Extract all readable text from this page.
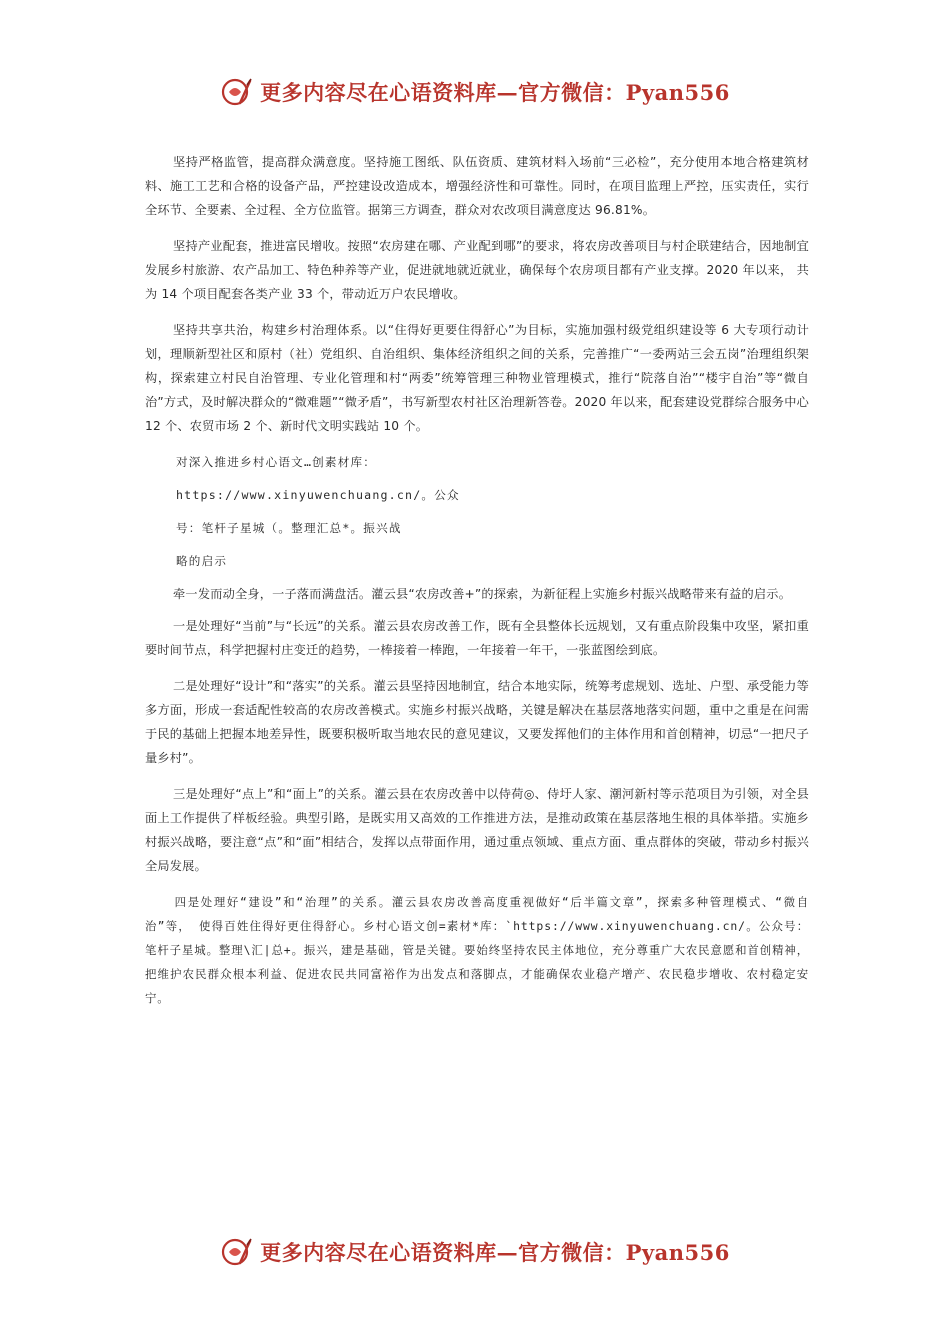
更多内容尽在心语资料库—官方微信：Pyan556

坚持严格监管，提高群众满意度。坚持施工图纸、队伍资质、建筑材料入场前“三必检”，充分使用本地合格建筑材料、施工工艺和合格的设备产品，严控建设改造成本，增强经济性和可靠性。同时，在项目监理上严控，压实责任，实行全环节、全要素、全过程、全方位监管。据第三方调查，群众对农改项目满意度达 96.81%。

坚持产业配套，推进富民增收。按照“农房建在哪、产业配到哪”的要求，将农房改善项目与村企联建结合，因地制宜发展乡村旅游、农产品加工、特色种养等产业，促进就地就近就业，确保每个农房项目都有产业支撑。2020 年以来， 共为 14 个项目配套各类产业 33 个，带动近万户农民增收。

坚持共享共治，构建乡村治理体系。以“住得好更要住得舒心”为目标，实施加强村级党组织建设等 6 大专项行动计划，理顺新型社区和原村（社）党组织、自治组织、集体经济组织之间的关系，完善推广“一委两站三会五岗”治理组织架构，探索建立村民自治管理、专业化管理和村“两委”统筹管理三种物业管理模式，推行“院落自治”“楼宇自治”等“微自治”方式，及时解决群众的“微难题”“微矛盾”，书写新型农村社区治理新答卷。2020 年以来，配套建设党群综合服务中心 12 个、农贸市场 2 个、新时代文明实践站 10 个。

对深入推进乡村心语文…创素材库：

https://www.xinyuwenchuang.cn/。公众

号：笔杆子星城（。整理汇总*。振兴战

略的启示

牵一发而动全身，一子落而满盘活。灌云县“农房改善+”的探索，为新征程上实施乡村振兴战略带来有益的启示。

一是处理好“当前”与“长远”的关系。灌云县农房改善工作，既有全县整体长远规划，又有重点阶段集中攻坚，紧扣重要时间节点，科学把握村庄变迁的趋势，一棒接着一棒跑，一年接着一年干，一张蓝图绘到底。

二是处理好“设计”和“落实”的关系。灌云县坚持因地制宜，结合本地实际，统筹考虑规划、选址、户型、承受能力等多方面，形成一套适配性较高的农房改善模式。实施乡村振兴战略，关键是解决在基层落地落实问题，重中之重是在问需于民的基础上把握本地差异性，既要积极听取当地农民的意见建议，又要发挥他们的主体作用和首创精神，切忌“一把尺子量乡村”。

三是处理好“点上”和“面上”的关系。灌云县在农房改善中以侍荷◎、侍圩人家、潮河新村等示范项目为引领，对全县面上工作提供了样板经验。典型引路，是既实用又高效的工作推进方法，是推动政策在基层落地生根的具体举措。实施乡村振兴战略，要注意“点”和“面”相结合，发挥以点带面作用，通过重点领域、重点方面、重点群体的突破，带动乡村振兴全局发展。

四是处理好“建设”和“治理”的关系。灌云县农房改善高度重视做好“后半篇文章”，探索多种管理模式、“微自治”等， 使得百姓住得好更住得舒心。乡村心语文创=素材*库：`https://www.xinyuwenchuang.cn/。公众号：笔杆子星城。整理\汇|总+。振兴，建是基础，管是关键。要始终坚持农民主体地位，充分尊重广大农民意愿和首创精神，把维护农民群众根本利益、促进农民共同富裕作为出发点和落脚点，才能确保农业稳产增产、农民稳步增收、农村稳定安宁。

更多内容尽在心语资料库—官方微信：Pyan556
